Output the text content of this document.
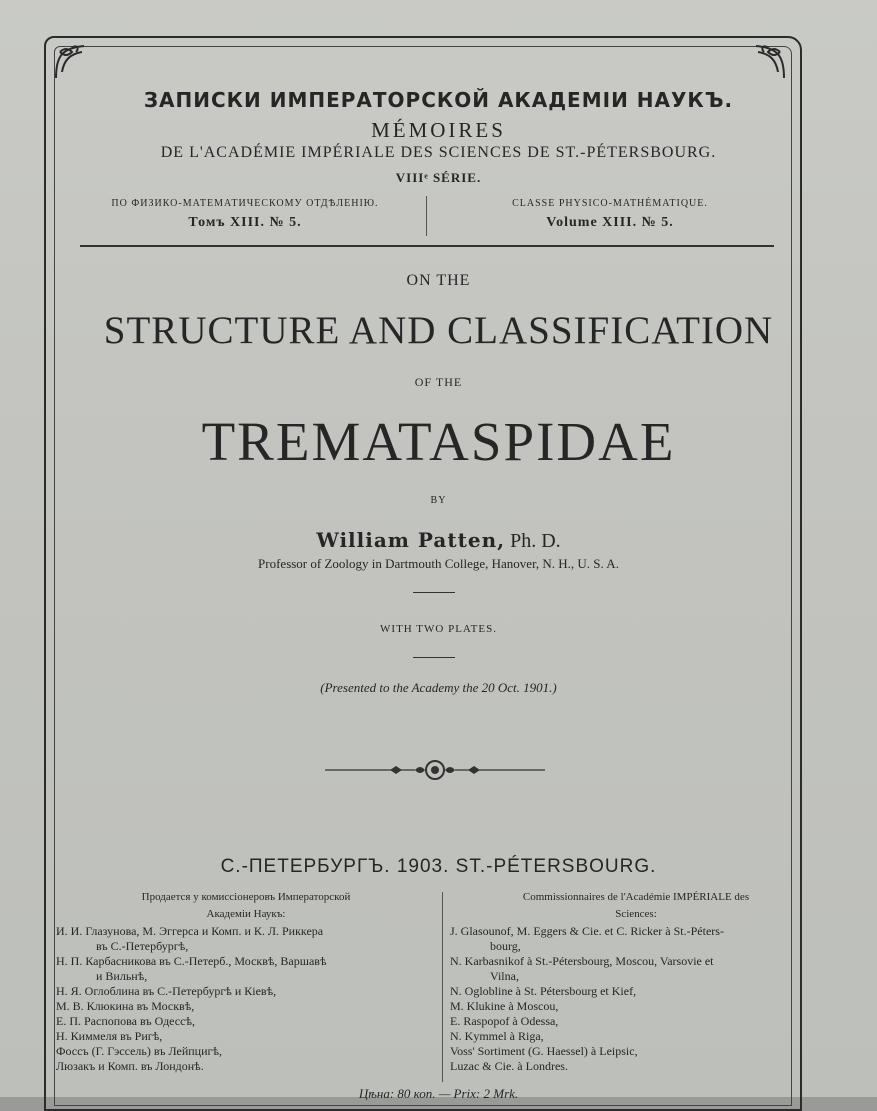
ЗАПИСКИ ИМПЕРАТОРСКОЙ АКАДЕМІИ НАУКЪ.
MÉMOIRES
DE L'ACADÉMIE IMPÉRIALE DES SCIENCES DE ST.-PÉTERSBOURG.
VIIIᵉ SÉRIE.
ПО ФИЗИКО-МАТЕМАТИЧЕСКОМУ ОТДѢЛЕНІЮ.
Томъ XIII. № 5.
CLASSE PHYSICO-MATHÉMATIQUE.
Volume XIII. № 5.
ON THE
STRUCTURE AND CLASSIFICATION
OF THE
TREMATASPIDAE
BY
William Patten, Ph. D.
Professor of Zoology in Dartmouth College, Hanover, N. H., U. S. A.
WITH TWO PLATES.
(Presented to the Academy the 20 Oct. 1901.)
С.-ПЕТЕРБУРГЪ. 1903. ST.-PÉTERSBOURG.
Продается у комиссіонеровъ Императорской
Академіи Наукъ:
И. И. Глазунова, М. Эггерса и Комп. и К. Л. Риккера
въ С.-Петербургѣ,
Н. П. Карбасникова въ С.-Петерб., Москвѣ, Варшавѣ
и Вильнѣ,
Н. Я. Оглоблина въ С.-Петербургѣ и Кіевѣ,
М. В. Клюкина въ Москвѣ,
Е. П. Распопова въ Одессѣ,
Н. Киммеля въ Ригѣ,
Фоссъ (Г. Гэссель) въ Лейпцигѣ,
Люзакъ и Комп. въ Лондонѣ.
Commissionnaires de l'Académie IMPÉRIALE des
Sciences:
J. Glasounof, M. Eggers & Cie. et C. Ricker à St.-Péters-
bourg,
N. Karbasnikof à St.-Pétersbourg, Moscou, Varsovie et
Vilna,
N. Oglobline à St. Pétersbourg et Kief,
M. Klukine à Moscou,
E. Raspopof à Odessa,
N. Kymmel à Riga,
Voss' Sortiment (G. Haessel) à Leipsic,
Luzac & Cie. à Londres.
Цѣна: 80 коп. — Prix: 2 Mrk.
